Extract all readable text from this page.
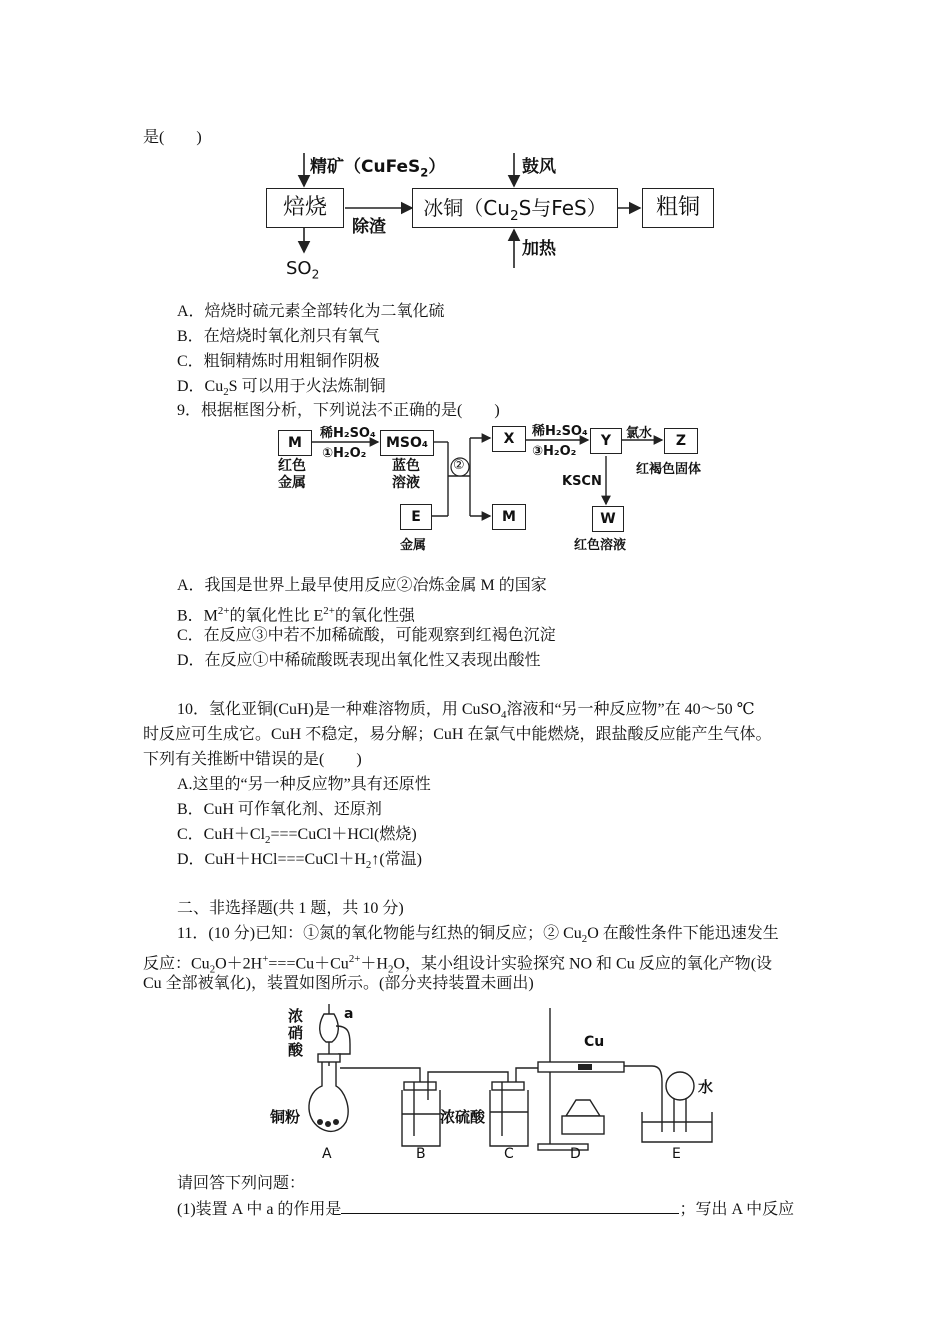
是(　　)
精矿（CuFeS$_2$）	鼓风
焙烧
除渣
冰铜（$Cu_2S$与FeS）	粗铜
加热
$SO_2$
A．焙烧时硫元素全部转化为二氧化硫
B．在焙烧时氧化剂只有氧气
C．粗铜精炼时用粗铜作阴极
D．$Cu_2S$ 可以用于火法炼制铜
9．根据框图分析，下列说法不正确的是(　　)
M
红色
金属
稀H₂SO₄
①H₂O₂
MSO₄
蓝色
溶液
②
X	稀H₂SO₄
③H₂O₂
Y	氯水	Z
红褐色固体
KSCN
W
红色溶液
E
金属
M
A．我国是世界上最早使用反应②冶炼金属 M 的国家
B．$M^{2+}$的氧化性比 $E^{2+}$的氧化性强
C．在反应③中若不加稀硫酸，可能观察到红褐色沉淀
D．在反应①中稀硫酸既表现出氧化性又表现出酸性
10．氢化亚铜(CuH)是一种难溶物质，用 CuSO$_4$溶液和“另一种反应物”在 40～50 ℃
时反应可生成它。CuH 不稳定，易分解；CuH 在氯气中能燃烧，跟盐酸反应能产生气体。
下列有关推断中错误的是(　　)
A.这里的“另一种反应物”具有还原性
B．CuH 可作氧化剂、还原剂
C．$CuH+Cl_2===CuCl+HCl$(燃烧)
D．$CuH+HCl===CuCl+H_2↑$(常温)
二、非选择题(共 1 题，共 10 分)
11．(10 分)已知：①氮的氧化物能与红热的铜反应；② $Cu_2O$ 在酸性条件下能迅速发生
反应：$Cu_2O+2H^+===Cu+Cu^{2+}+H_2O$，某小组设计实验探究 NO 和 Cu 反应的氧化产物(设
Cu 全部被氧化)，装置如图所示。(部分夹持装置未画出)
浓
硝
酸
a
铜粉	浓硫酸
Cu
水
A	B	C	D	E
请回答下列问题：
(1)装置 A 中 a 的作用是	；写出 A 中反应
